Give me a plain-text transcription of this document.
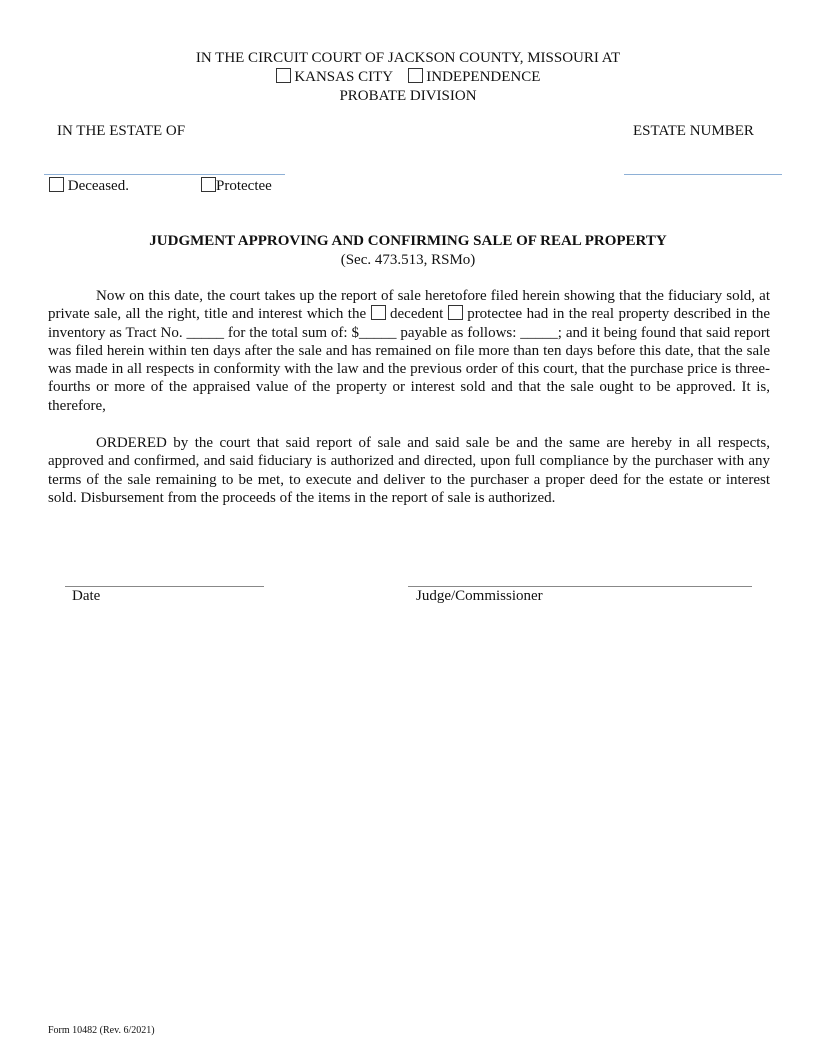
IN THE CIRCUIT COURT OF JACKSON COUNTY, MISSOURI AT
KANSAS CITY INDEPENDENCE
PROBATE DIVISION
IN THE ESTATE OF	ESTATE NUMBER
Deceased.	Protectee
JUDGMENT APPROVING AND CONFIRMING SALE OF REAL PROPERTY
(Sec. 473.513, RSMo)
Now on this date, the court takes up the report of sale heretofore filed herein showing that the fiduciary sold, at private sale, all the right, title and interest which the decedent protectee had in the real property described in the inventory as Tract No. _____ for the total sum of: $_____ payable as follows: _____; and it being found that said report was filed herein within ten days after the sale and has remained on file more than ten days before this date, that the sale was made in all respects in conformity with the law and the previous order of this court, that the purchase price is three-fourths or more of the appraised value of the property or interest sold and that the sale ought to be approved. It is, therefore,
ORDERED by the court that said report of sale and said sale be and the same are hereby in all respects, approved and confirmed, and said fiduciary is authorized and directed, upon full compliance by the purchaser with any terms of the sale remaining to be met, to execute and deliver to the purchaser a proper deed for the estate or interest sold. Disbursement from the proceeds of the items in the report of sale is authorized.
Date	Judge/Commissioner
Form 10482 (Rev. 6/2021)
